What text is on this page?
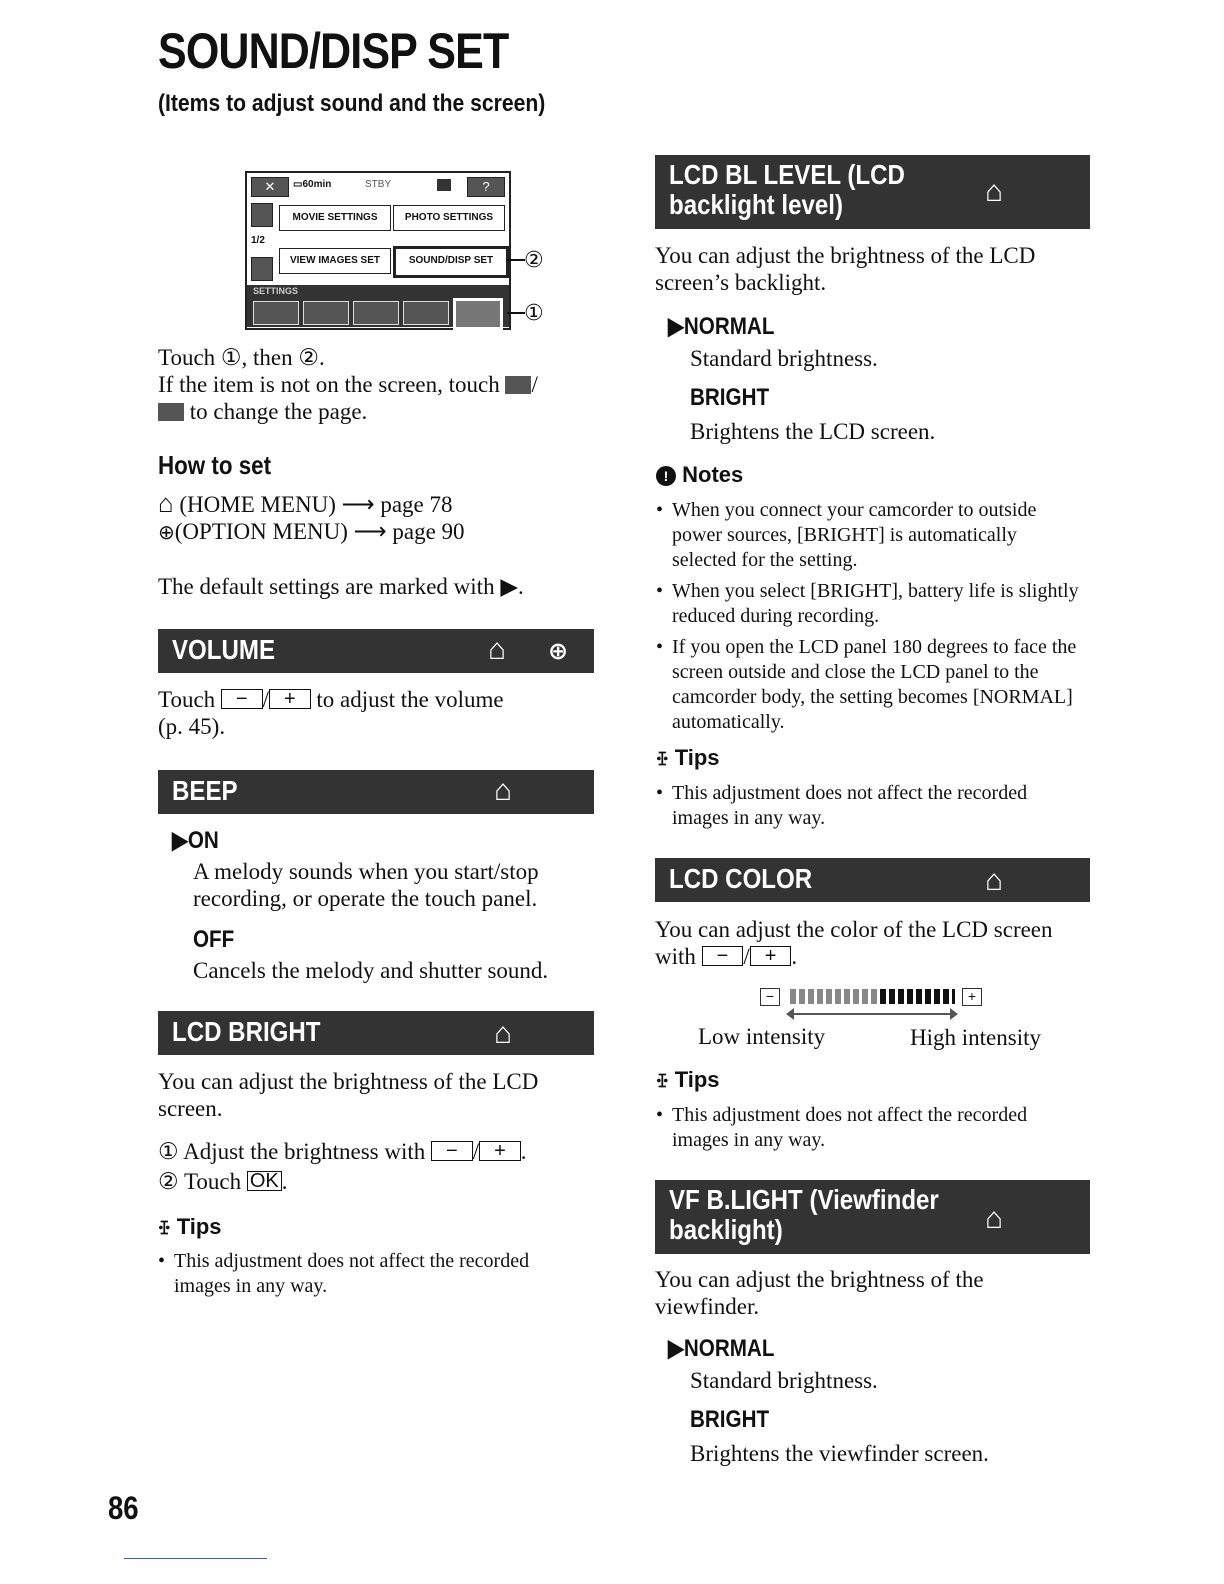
SOUND/DISP SET
(Items to adjust sound and the screen)
✕	▭60min	STBY	?
1/2
MOVIE SETTINGS	PHOTO SETTINGS
VIEW IMAGES SET	SOUND/DISP SET
SETTINGS
②
①
Touch ①, then ②.
If the item is not on the screen, touch /
to change the page.
How to set
⌂ (HOME MENU) ⟶ page 78
⊕(OPTION MENU) ⟶ page 90
The default settings are marked with ▶.
VOLUME	⌂	⊕
Touch − / + to adjust the volume
(p. 45).
BEEP	⌂
▶ON
A melody sounds when you start/stop recording, or operate the touch panel.
OFF
Cancels the melody and shutter sound.
LCD BRIGHT	⌂
You can adjust the brightness of the LCD screen.
① Adjust the brightness with − / + .
② Touch OK .
ꔀ Tips
• This adjustment does not affect the recorded images in any way.
LCD BL LEVEL (LCD
backlight level)	⌂
You can adjust the brightness of the LCD screen’s backlight.
▶NORMAL
Standard brightness.
BRIGHT
Brightens the LCD screen.
! Notes
• When you connect your camcorder to outside power sources, [BRIGHT] is automatically selected for the setting.
• When you select [BRIGHT], battery life is slightly reduced during recording.
• If you open the LCD panel 180 degrees to face the screen outside and close the LCD panel to the camcorder body, the setting becomes [NORMAL] automatically.
ꔀ Tips
• This adjustment does not affect the recorded images in any way.
LCD COLOR	⌂
You can adjust the color of the LCD screen
with − / + .
−	+
Low intensity	High intensity
ꔀ Tips
• This adjustment does not affect the recorded images in any way.
VF B.LIGHT (Viewfinder
backlight)	⌂
You can adjust the brightness of the viewfinder.
▶NORMAL
Standard brightness.
BRIGHT
Brightens the viewfinder screen.
86
